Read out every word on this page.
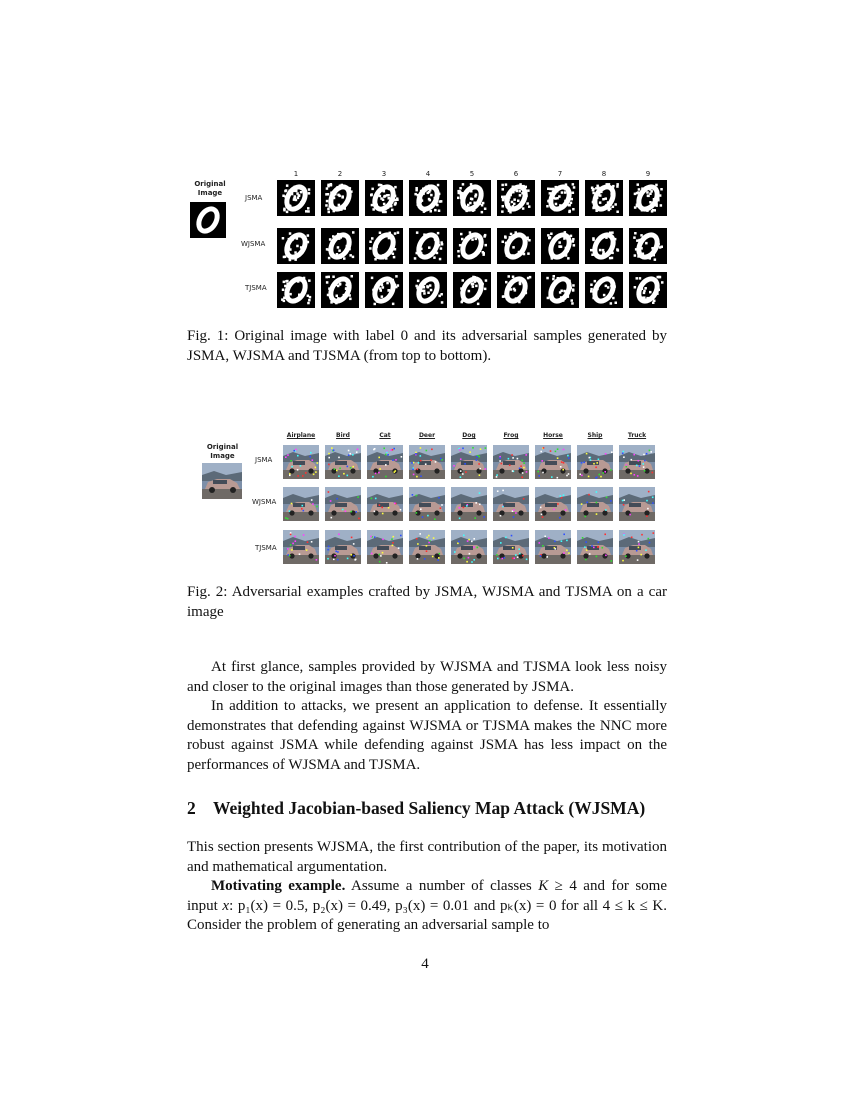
Original
Image
JSMA
WJSMA
TJSMA
1	2	3	4	5	6	7	8	9
Fig. 1: Original image with label 0 and its adversarial samples generated by JSMA, WJSMA and TJSMA (from top to bottom).
Original
Image	JSMA
WJSMA
TJSMA
Airplane	Bird	Cat	Deer	Dog	Frog	Horse	Ship	Truck
Fig. 2: Adversarial examples crafted by JSMA, WJSMA and TJSMA on a car image

At first glance, samples provided by WJSMA and TJSMA look less noisy and closer to the original images than those generated by JSMA.

In addition to attacks, we present an application to defense. It essentially demonstrates that defending against WJSMA or TJSMA makes the NNC more robust against JSMA while defending against JSMA has less impact on the performances of WJSMA and TJSMA.

2 Weighted Jacobian-based Saliency Map Attack (WJSMA)

This section presents WJSMA, the first contribution of the paper, its motivation and mathematical argumentation.

Motivating example. Assume a number of classes K ≥ 4 and for some input x: p₁(x) = 0.5, p₂(x) = 0.49, p₃(x) = 0.01 and pₖ(x) = 0 for all 4 ≤ k ≤ K. Consider the problem of generating an adversarial sample to

4
